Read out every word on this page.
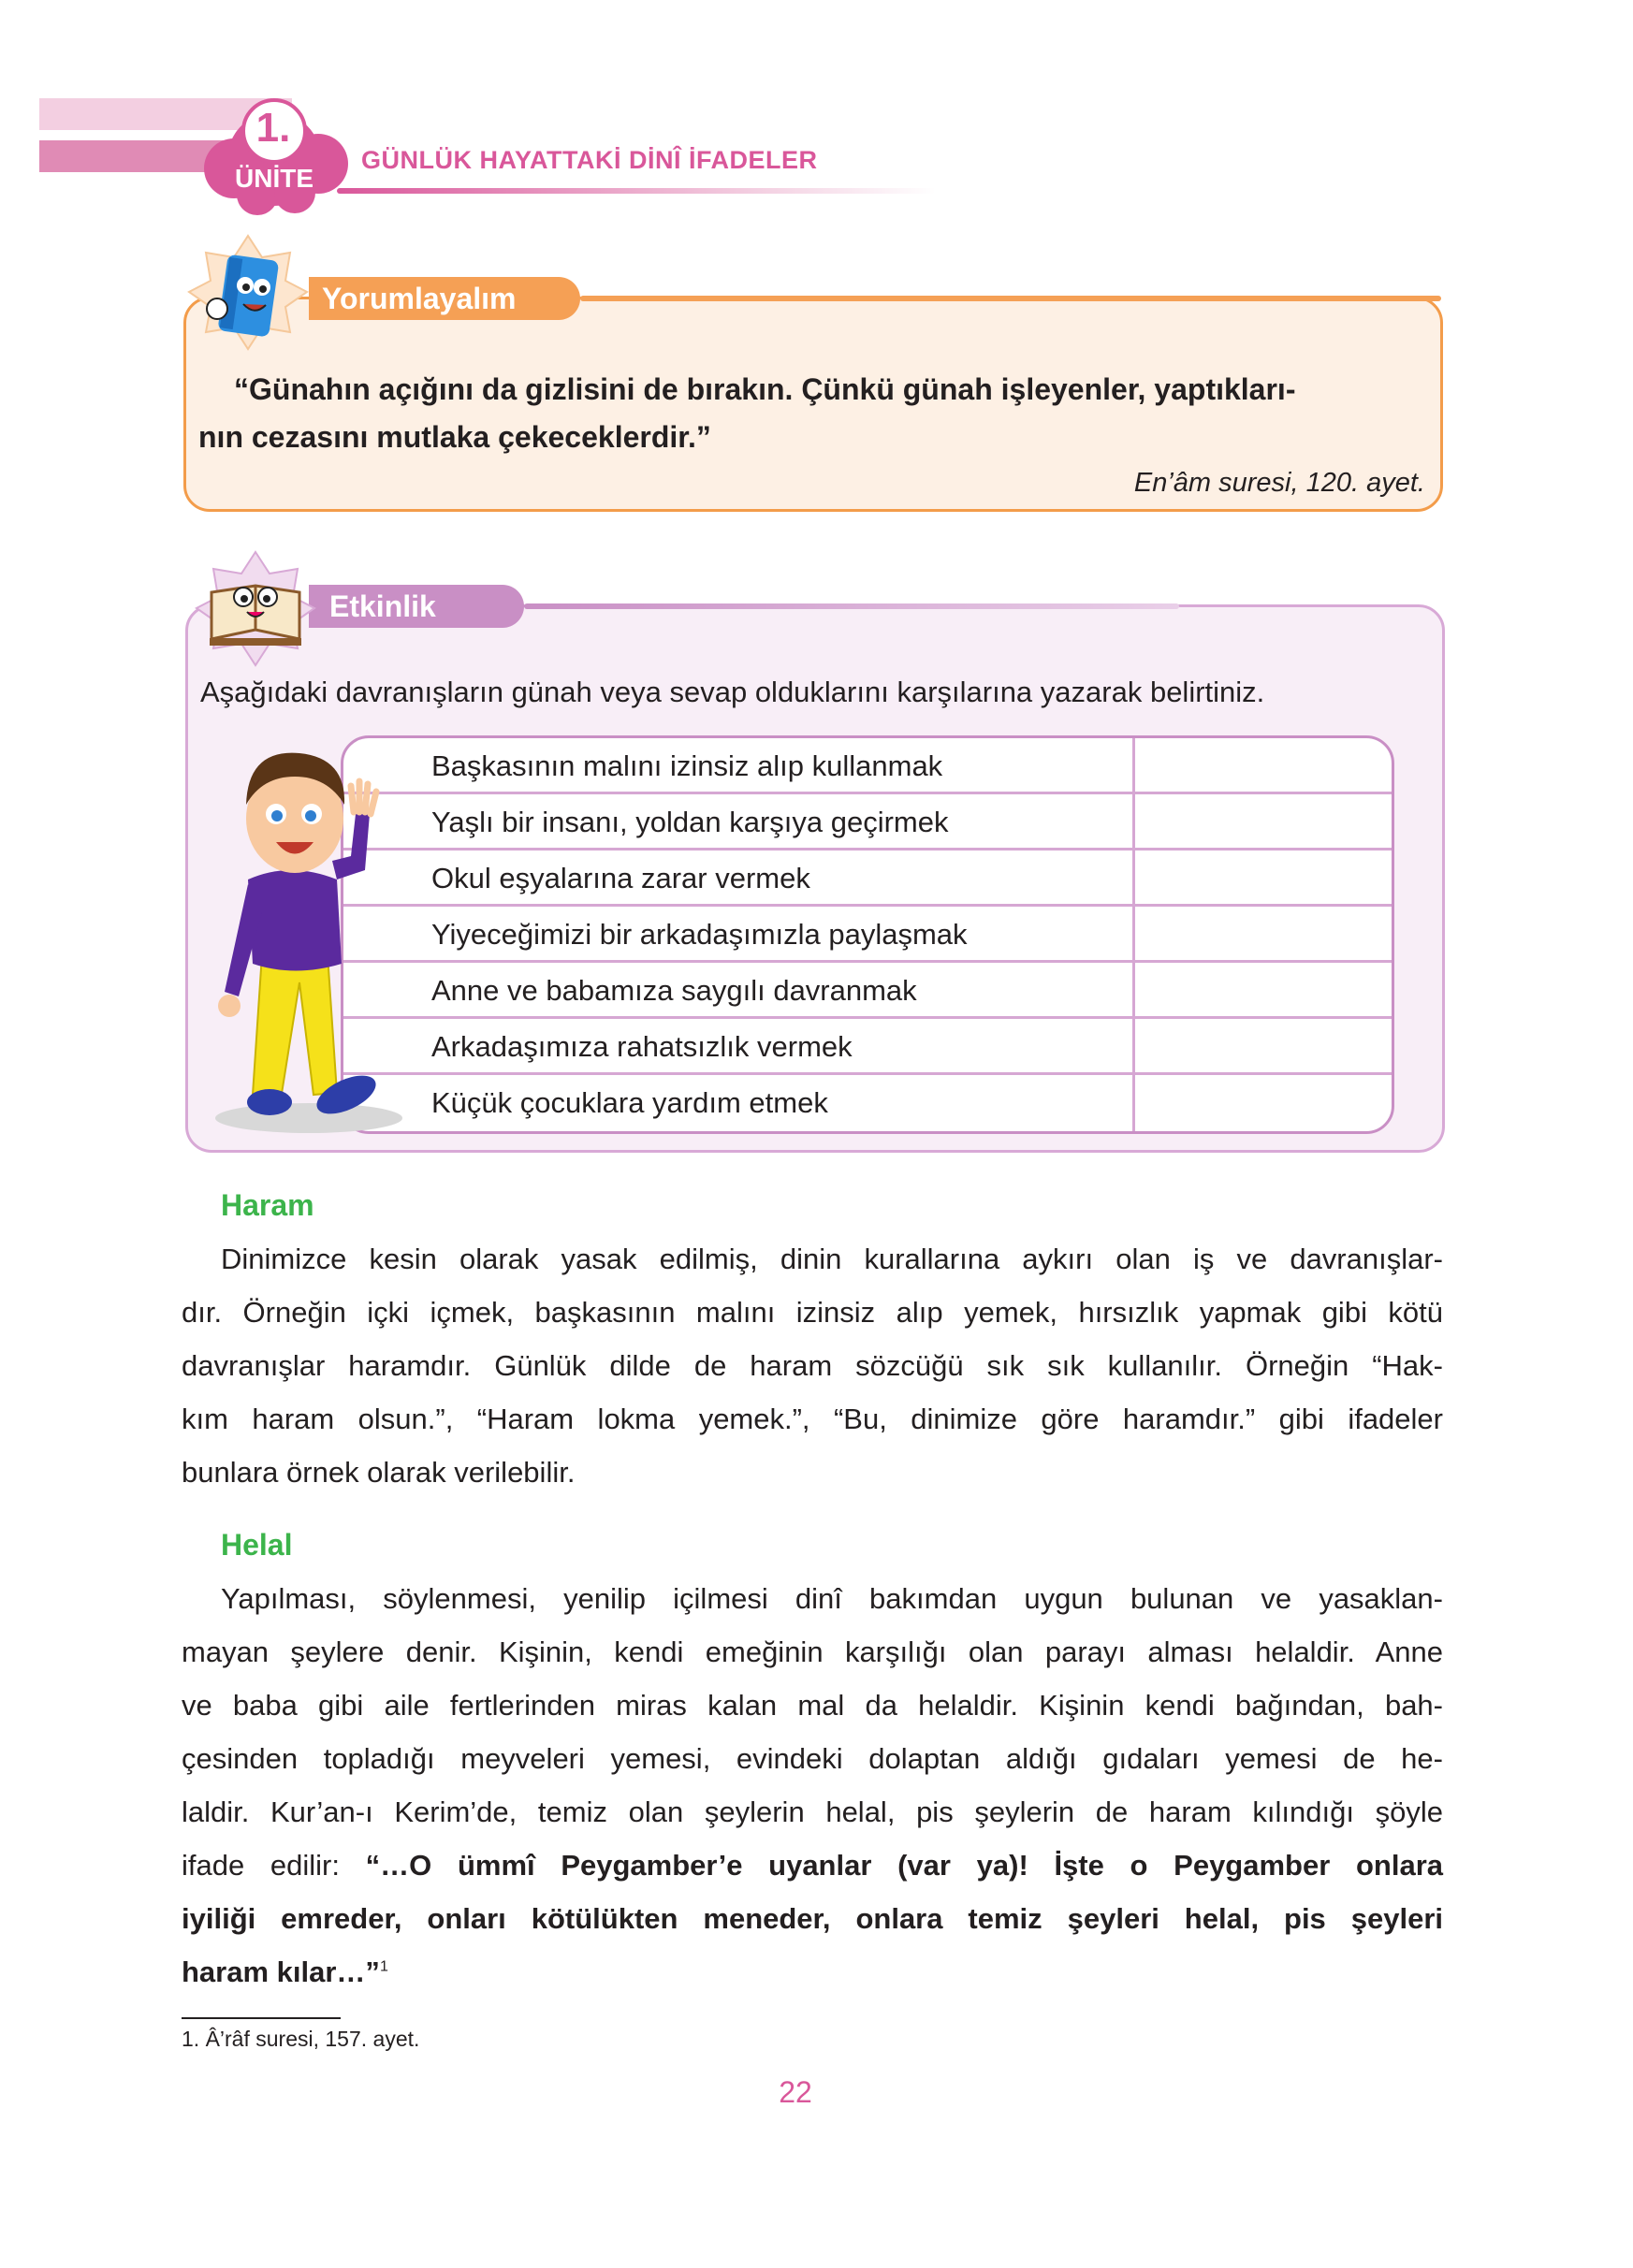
1.
ÜNİTE
GÜNLÜK HAYATTAKİ DİNÎ İFADELER
Yorumlayalım
“Günahın açığını da gizlisini de bırakın. Çünkü günah işleyenler, yaptıkları-
nın cezasını mutlaka çekeceklerdir.”
En’âm suresi, 120. ayet.
Etkinlik
Aşağıdaki davranışların günah veya sevap olduklarını karşılarına yazarak belirtiniz.
Başkasının malını izinsiz alıp kullanmak
Yaşlı bir insanı, yoldan karşıya geçirmek
Okul eşyalarına zarar vermek
Yiyeceğimizi bir arkadaşımızla paylaşmak
Anne ve babamıza saygılı davranmak
Arkadaşımıza rahatsızlık vermek
Küçük çocuklara yardım etmek
Haram
Dinimizce kesin olarak yasak edilmiş, dinin kurallarına aykırı olan iş ve davranışlar-
dır. Örneğin içki içmek, başkasının malını izinsiz alıp yemek, hırsızlık yapmak gibi kötü
davranışlar haramdır. Günlük dilde de haram sözcüğü sık sık kullanılır. Örneğin “Hak-
kım haram olsun.”, “Haram lokma yemek.”, “Bu, dinimize göre haramdır.” gibi ifadeler
bunlara örnek olarak verilebilir.
Helal
Yapılması, söylenmesi, yenilip içilmesi dinî bakımdan uygun bulunan ve yasaklan-
mayan şeylere denir. Kişinin, kendi emeğinin karşılığı olan parayı alması helaldir. Anne
ve baba gibi aile fertlerinden miras kalan mal da helaldir. Kişinin kendi bağından, bah-
çesinden topladığı meyveleri yemesi, evindeki dolaptan aldığı gıdaları yemesi de he-
laldir. Kur’an-ı Kerim’de, temiz olan şeylerin helal, pis şeylerin de haram kılındığı şöyle
ifade edilir: “…O ümmî Peygamber’e uyanlar (var ya)! İşte o Peygamber onlara
iyiliği emreder, onları kötülükten meneder, onlara temiz şeyleri helal, pis şeyleri
haram kılar…”$^1$
1. Â’râf suresi, 157. ayet.
22
